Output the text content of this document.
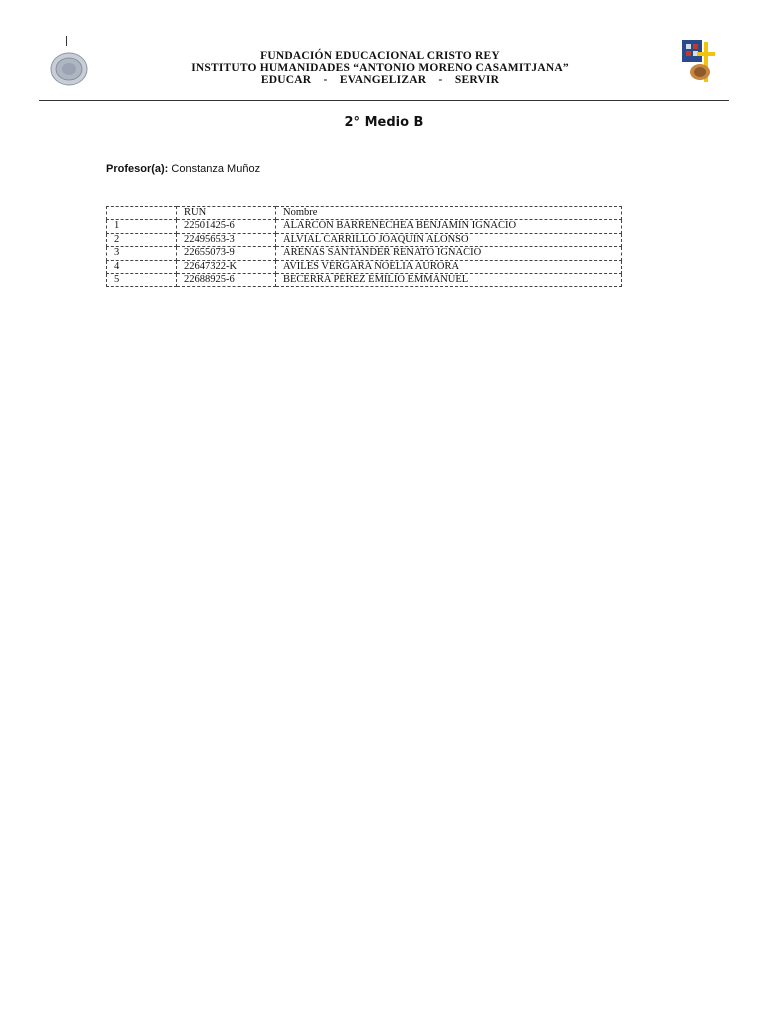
FUNDACIÓN EDUCACIONAL CRISTO REY
INSTITUTO HUMANIDADES “ANTONIO MORENO CASAMITJANA”
EDUCAR    -    EVANGELIZAR    -    SERVIR
2° Medio B
Profesor(a): Constanza Muñoz
	RUN	Nombre
1	22501425-6	ALARCÓN BARRENECHEA BENJAMÍN IGNACIO
2	22495653-3	ALVIAL CARRILLO JOAQUÍN ALONSO
3	22655073-9	ARENAS SANTANDER RENATO IGNACIO
4	22647322-K	AVILÉS VERGARA NOELIA AURORA
5	22688925-6	BECERRA PÉREZ EMILIO EMMANUEL
